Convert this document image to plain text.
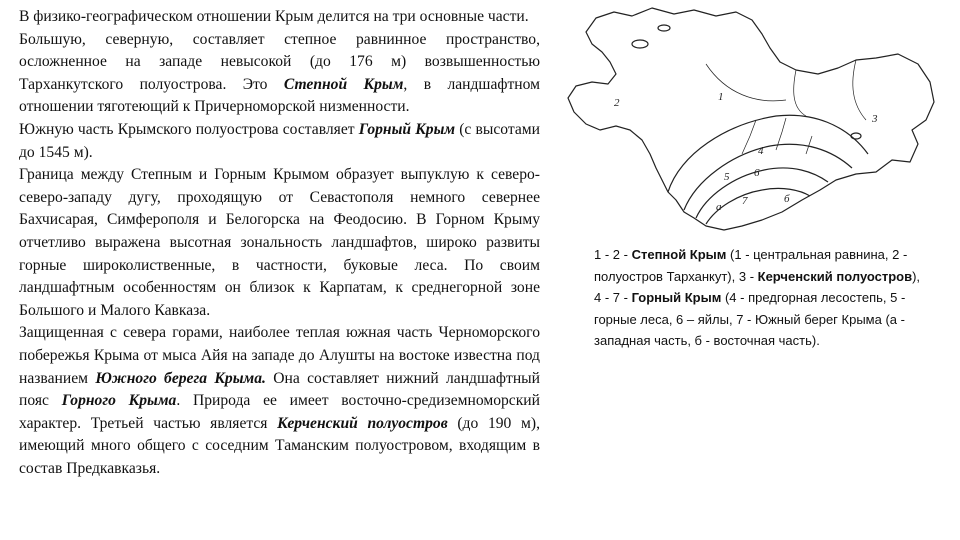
В физико-географическом отношении Крым делится на три основные части.

Большую, северную, составляет степное равнинное пространство, осложненное на западе невысокой (до 176 м) возвышенностью Тарханкутского полуострова. Это Степной Крым, в ландшафтном отношении тяготеющий к Причерноморской низменности.

Южную часть Крымского полуострова составляет Горный Крым (с высотами до 1545 м).

Граница между Степным и Горным Крымом образует выпуклую к северо-северо-западу дугу, проходящую от Севастополя немного севернее Бахчисарая, Симферополя и Белогорска на Феодосию. В Горном Крыму отчетливо выражена высотная зональность ландшафтов, широко развиты горные широколиственные, в частности, буковые леса. По своим ландшафтным особенностям он близок к Карпатам, к среднегорной зоне Большого и Малого Кавказа.

Защищенная с севера горами, наиболее теплая южная часть Черноморского побережья Крыма от мыса Айя на западе до Алушты на востоке известна под названием Южного берега Крыма. Она составляет нижний ландшафтный пояс Горного Крыма. Природа ее имеет восточно-средиземноморский характер. Третьей частью является Керченский полуостров (до 190 м), имеющий много общего с соседним Таманским полуостровом, входящим в состав Предкавказья.

1
2
3
4
5 6
7
а
б

1 - 2 - Степной Крым (1 - центральная равнина, 2 - полуостров Тарханкут), 3 - Керченский полуостров),

4 - 7 - Горный Крым (4 - предгорная лесостепь, 5 - горные леса, 6 – яйлы, 7 - Южный берег Крыма (а - западная часть, б - восточная часть).
